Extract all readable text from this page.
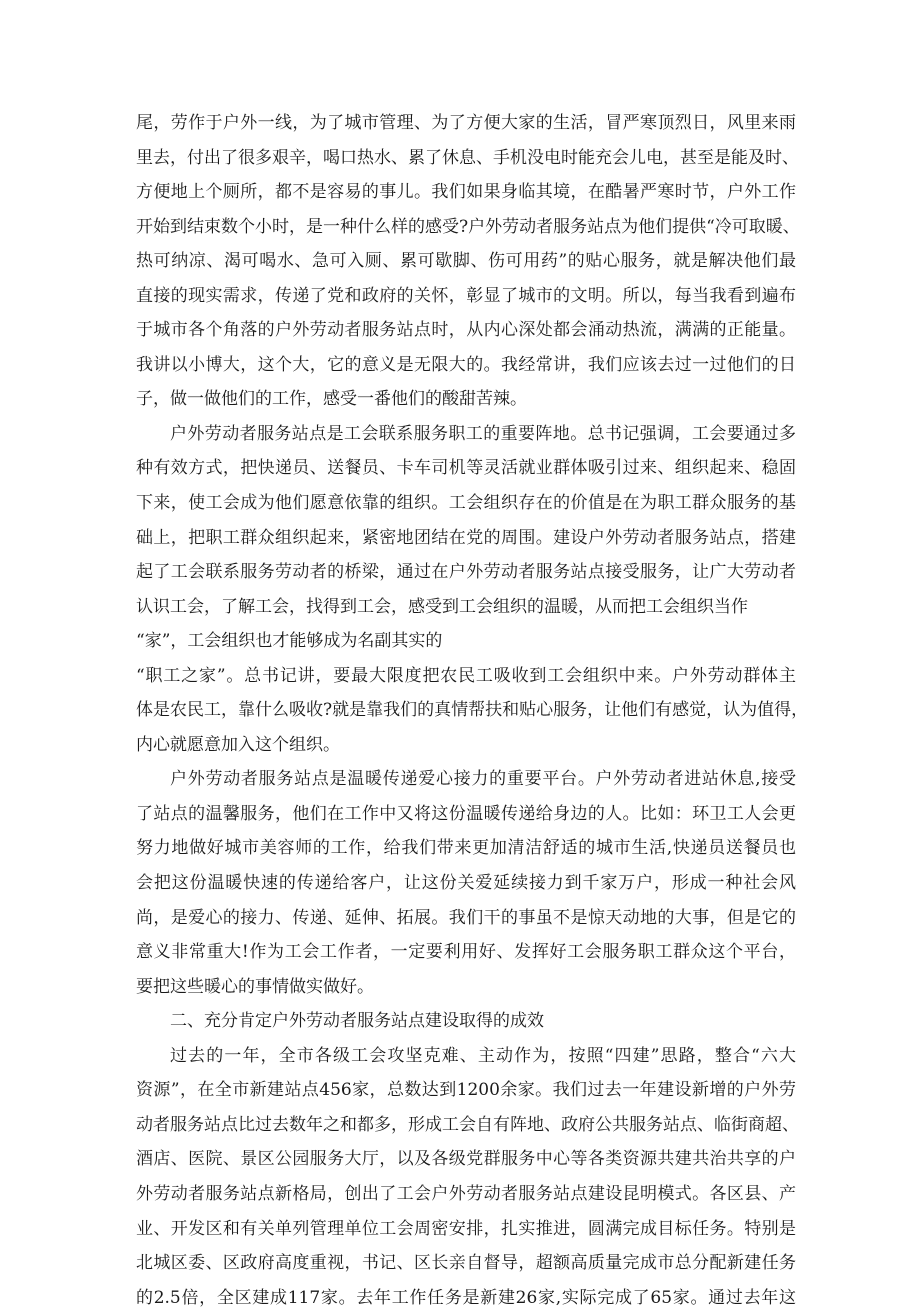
尾，劳作于户外一线，为了城市管理、为了方便大家的生活，冒严寒顶烈日，风里来雨
里去，付出了很多艰辛，喝口热水、累了休息、手机没电时能充会儿电，甚至是能及时、
方便地上个厕所，都不是容易的事儿。我们如果身临其境，在酷暑严寒时节，户外工作
开始到结束数个小时，是一种什么样的感受?户外劳动者服务站点为他们提供“冷可取暖、
热可纳凉、渴可喝水、急可入厕、累可歇脚、伤可用药”的贴心服务，就是解决他们最
直接的现实需求，传递了党和政府的关怀，彰显了城市的文明。所以，每当我看到遍布
于城市各个角落的户外劳动者服务站点时，从内心深处都会涌动热流，满满的正能量。
我讲以小博大，这个大，它的意义是无限大的。我经常讲，我们应该去过一过他们的日
子，做一做他们的工作，感受一番他们的酸甜苦辣。
户外劳动者服务站点是工会联系服务职工的重要阵地。总书记强调，工会要通过多
种有效方式，把快递员、送餐员、卡车司机等灵活就业群体吸引过来、组织起来、稳固
下来，使工会成为他们愿意依靠的组织。工会组织存在的价值是在为职工群众服务的基
础上，把职工群众组织起来，紧密地团结在党的周围。建设户外劳动者服务站点，搭建
起了工会联系服务劳动者的桥梁，通过在户外劳动者服务站点接受服务，让广大劳动者
认识工会，了解工会，找得到工会，感受到工会组织的温暖，从而把工会组织当作
“家”，工会组织也才能够成为名副其实的
“职工之家”。总书记讲，要最大限度把农民工吸收到工会组织中来。户外劳动群体主
体是农民工，靠什么吸收?就是靠我们的真情帮扶和贴心服务，让他们有感觉，认为值得，
内心就愿意加入这个组织。
户外劳动者服务站点是温暖传递爱心接力的重要平台。户外劳动者进站休息,接受
了站点的温馨服务，他们在工作中又将这份温暖传递给身边的人。比如：环卫工人会更
努力地做好城市美容师的工作，给我们带来更加清洁舒适的城市生活,快递员送餐员也
会把这份温暖快速的传递给客户，让这份关爱延续接力到千家万户，形成一种社会风
尚，是爱心的接力、传递、延伸、拓展。我们干的事虽不是惊天动地的大事，但是它的
意义非常重大!作为工会工作者，一定要利用好、发挥好工会服务职工群众这个平台，
要把这些暖心的事情做实做好。
二、充分肯定户外劳动者服务站点建设取得的成效
过去的一年，全市各级工会攻坚克难、主动作为，按照“四建”思路，整合“六大
资源”，在全市新建站点456家，总数达到1200余家。我们过去一年建设新增的户外劳
动者服务站点比过去数年之和都多，形成工会自有阵地、政府公共服务站点、临街商超、
酒店、医院、景区公园服务大厅，以及各级党群服务中心等各类资源共建共治共享的户
外劳动者服务站点新格局，创出了工会户外劳动者服务站点建设昆明模式。各区县、产
业、开发区和有关单列管理单位工会周密安排，扎实推进，圆满完成目标任务。特别是
北城区委、区政府高度重视，书记、区长亲自督导，超额高质量完成市总分配新建任务
的2.5倍，全区建成117家。去年工作任务是新建26家,实际完成了65家。通过去年这
